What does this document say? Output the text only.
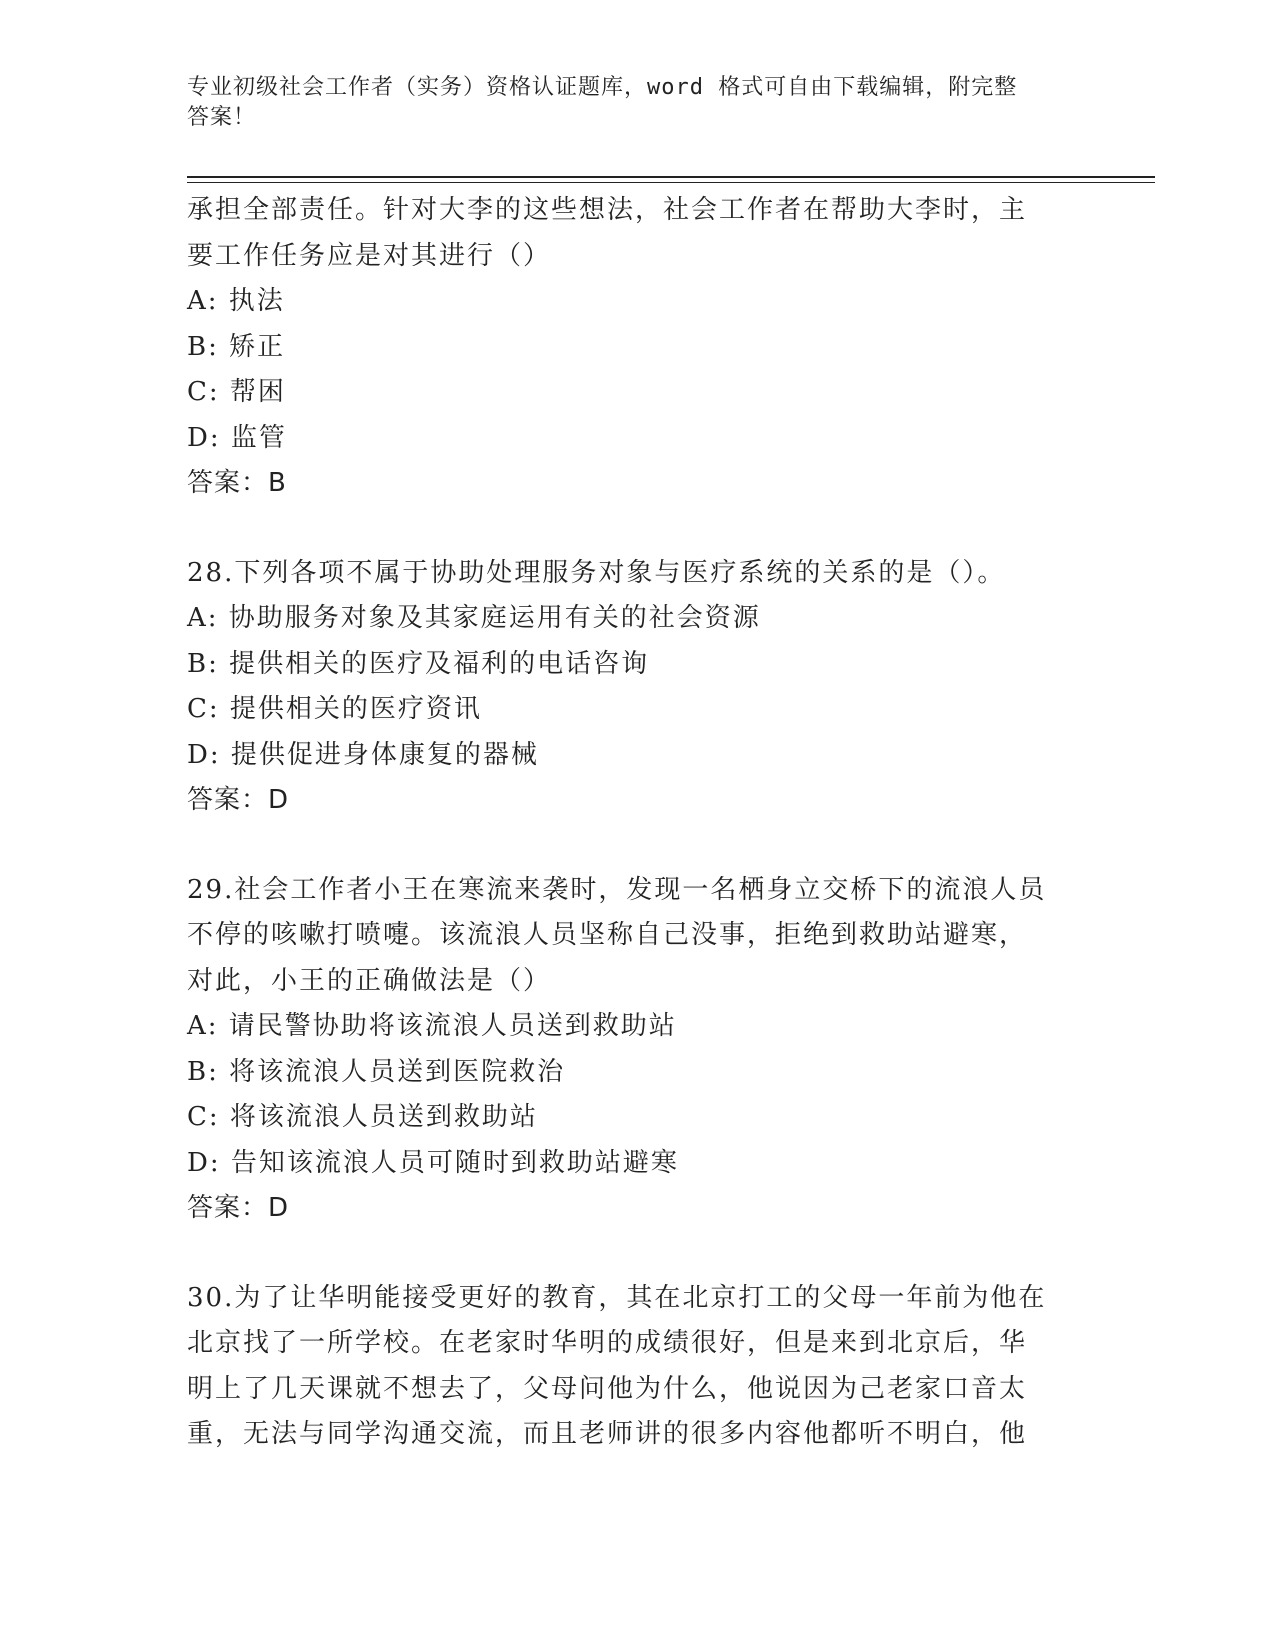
专业初级社会工作者（实务）资格认证题库，word 格式可自由下载编辑，附完整
答案！
承担全部责任。针对大李的这些想法，社会工作者在帮助大李时，主
要工作任务应是对其进行（）
A: 执法
B: 矫正
C: 帮困
D: 监管
答案：B
28.下列各项不属于协助处理服务对象与医疗系统的关系的是（）。
A: 协助服务对象及其家庭运用有关的社会资源
B: 提供相关的医疗及福利的电话咨询
C: 提供相关的医疗资讯
D: 提供促进身体康复的器械
答案：D
29.社会工作者小王在寒流来袭时，发现一名栖身立交桥下的流浪人员
不停的咳嗽打喷嚏。该流浪人员坚称自己没事，拒绝到救助站避寒，
对此，小王的正确做法是（）
A: 请民警协助将该流浪人员送到救助站
B: 将该流浪人员送到医院救治
C: 将该流浪人员送到救助站
D: 告知该流浪人员可随时到救助站避寒
答案：D
30.为了让华明能接受更好的教育，其在北京打工的父母一年前为他在
北京找了一所学校。在老家时华明的成绩很好，但是来到北京后，华
明上了几天课就不想去了，父母问他为什么，他说因为己老家口音太
重，无法与同学沟通交流，而且老师讲的很多内容他都听不明白，他
